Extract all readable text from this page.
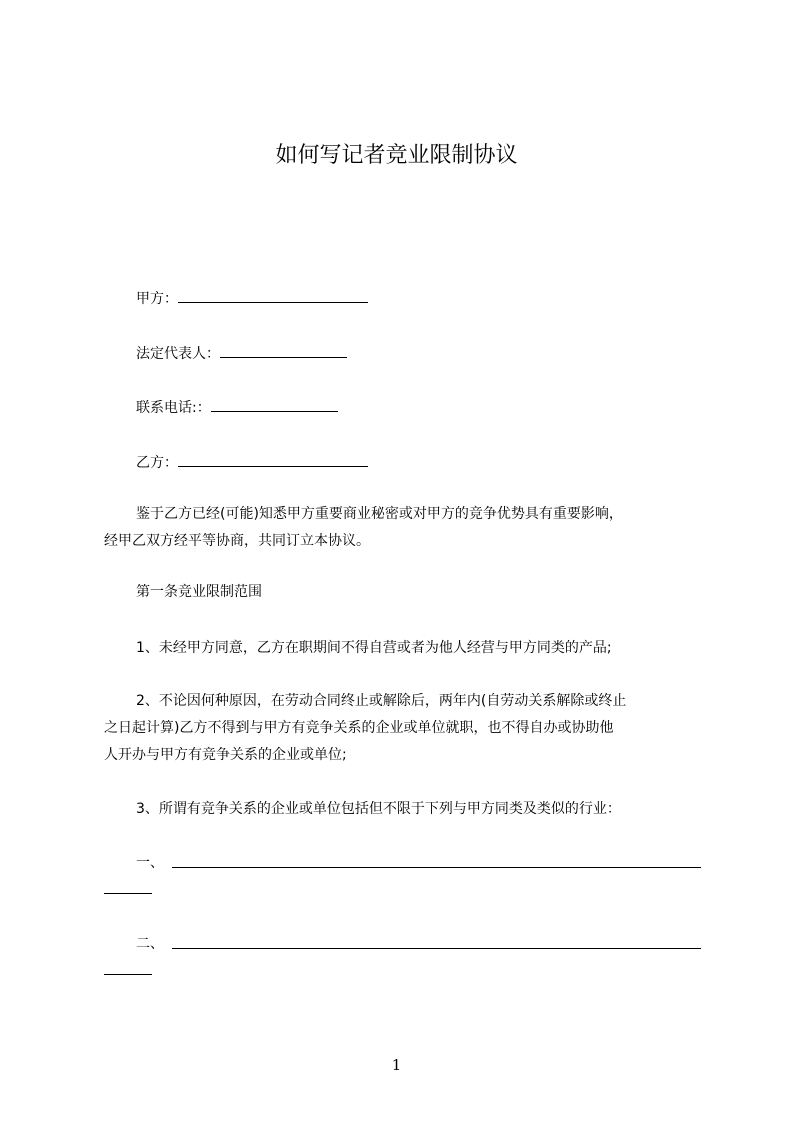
如何写记者竞业限制协议

甲方：

法定代表人：

联系电话:：

乙方：

鉴于乙方已经(可能)知悉甲方重要商业秘密或对甲方的竞争优势具有重要影响，

经甲乙双方经平等协商，共同订立本协议。

第一条竞业限制范围

1、未经甲方同意，乙方在职期间不得自营或者为他人经营与甲方同类的产品;

2、不论因何种原因，在劳动合同终止或解除后，两年内(自劳动关系解除或终止

之日起计算)乙方不得到与甲方有竞争关系的企业或单位就职，也不得自办或协助他

人开办与甲方有竞争关系的企业或单位;

3、所谓有竞争关系的企业或单位包括但不限于下列与甲方同类及类似的行业：

一、

二、

1
